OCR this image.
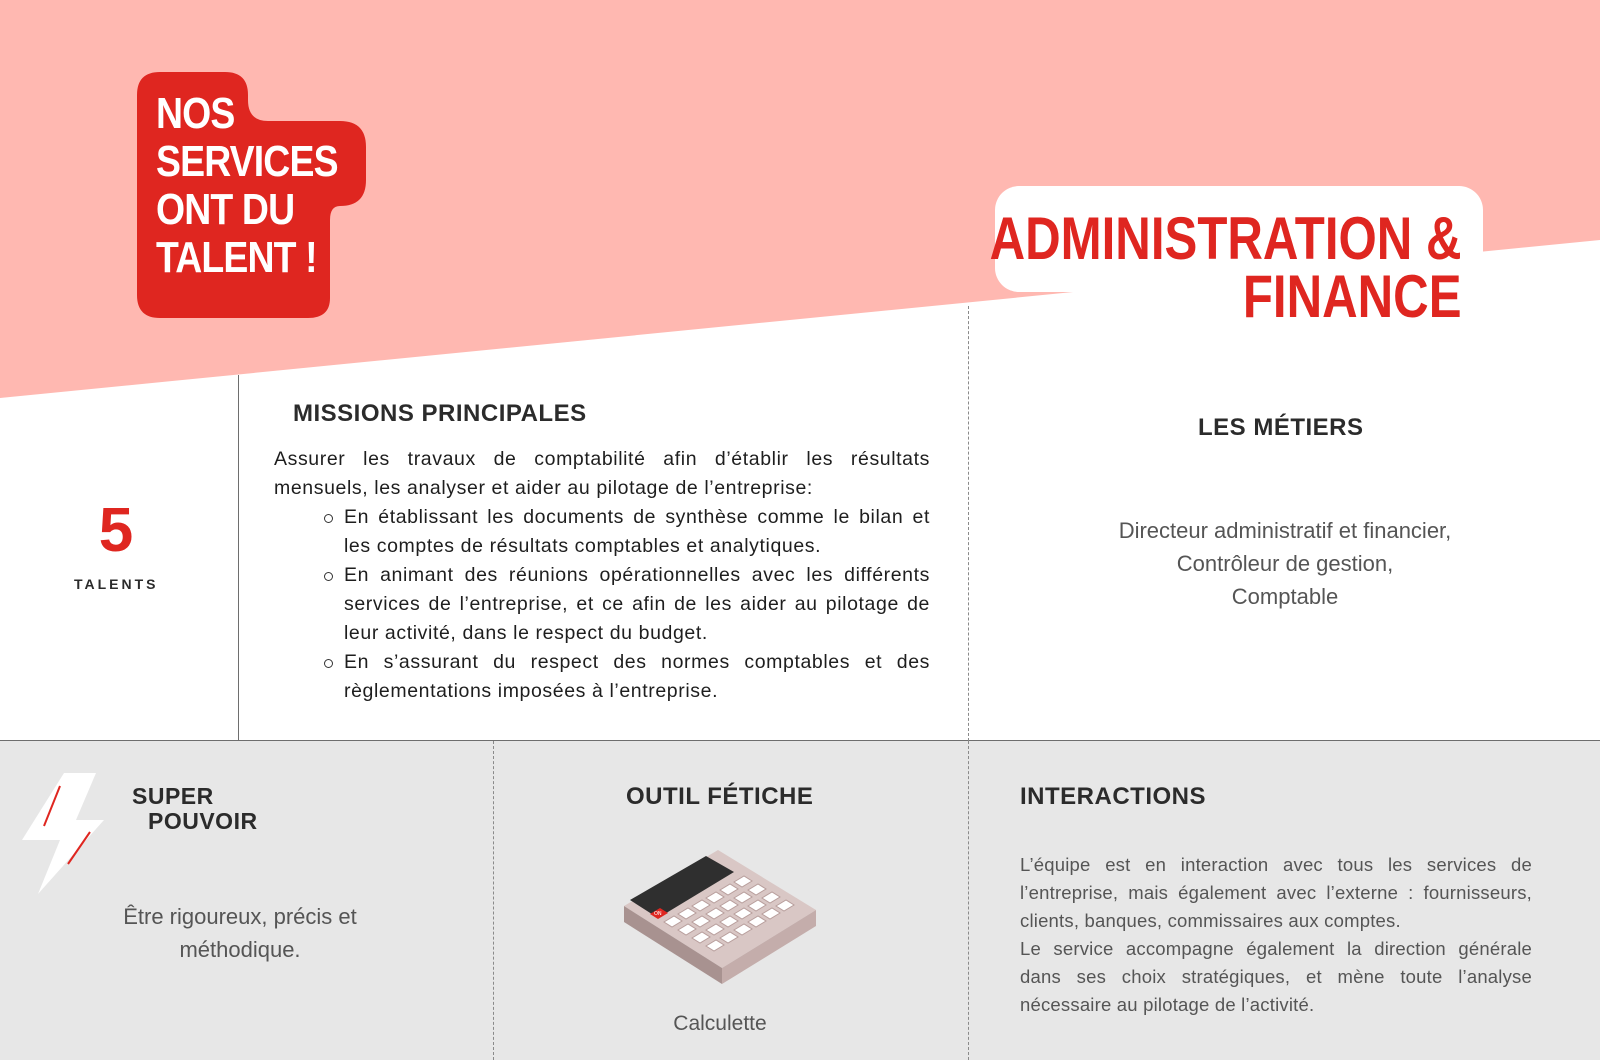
NOS
SERVICES
ONT DU
TALENT !	ADMINISTRATION &
FINANCE
5
TALENTS
MISSIONS PRINCIPALES

Assurer les travaux de comptabilité afin d’établir les résultats mensuels, les analyser et aider au pilotage de l’entreprise:

En établissant les documents de synthèse comme le bilan et les comptes de résultats comptables et analytiques.
En animant des réunions opérationnelles avec les différents services de l’entreprise, et ce afin de les aider au pilotage de leur activité, dans le respect du budget.
En s’assurant du respect des normes comptables et des règlementations imposées à l’entreprise.
LES MÉTIERS
Directeur administratif et financier,
Contrôleur de gestion,
Comptable
SUPER
POUVOIR
Être rigoureux, précis et
méthodique.
OUTIL FÉTICHE
ON
Calculette
INTERACTIONS

L’équipe est en interaction avec tous les services de l’entreprise, mais également avec l’externe : fournisseurs, clients, banques, commissaires aux comptes.

Le service accompagne également la direction générale dans ses choix stratégiques, et mène toute l’analyse nécessaire au pilotage de l’activité.
